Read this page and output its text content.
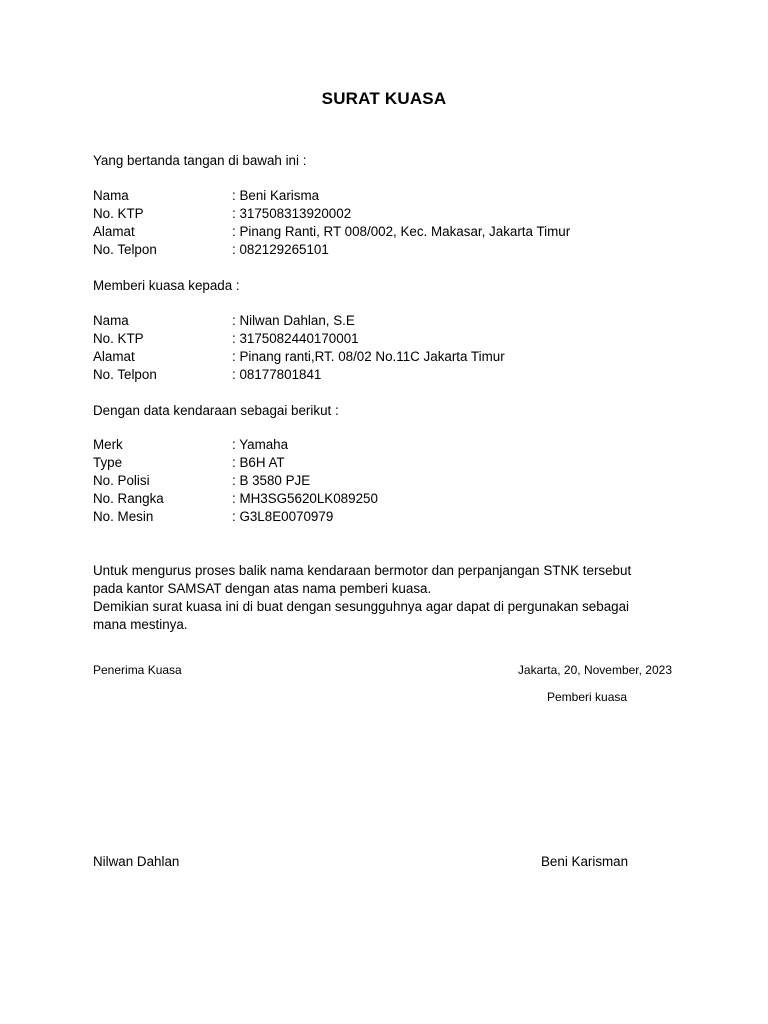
SURAT KUASA
Yang bertanda tangan di bawah ini :
Nama	: Beni Karisma
No. KTP	: 317508313920002
Alamat	: Pinang Ranti, RT 008/002, Kec. Makasar, Jakarta Timur
No. Telpon	: 082129265101
Memberi kuasa kepada :
Nama	: Nilwan Dahlan, S.E
No. KTP	: 3175082440170001
Alamat	: Pinang ranti,RT. 08/02 No.11C Jakarta Timur
No. Telpon	: 08177801841
Dengan data kendaraan sebagai berikut :
Merk	: Yamaha
Type	: B6H AT
No. Polisi	: B 3580 PJE
No. Rangka	: MH3SG5620LK089250
No. Mesin	: G3L8E0070979
Untuk mengurus proses balik nama kendaraan bermotor dan perpanjangan STNK tersebut
pada kantor SAMSAT dengan atas nama pemberi kuasa.
Demikian surat kuasa ini di buat dengan sesungguhnya agar dapat di pergunakan sebagai
mana mestinya.
Penerima Kuasa	Jakarta, 20, November, 2023
Pemberi kuasa
Nilwan Dahlan	Beni Karisman
